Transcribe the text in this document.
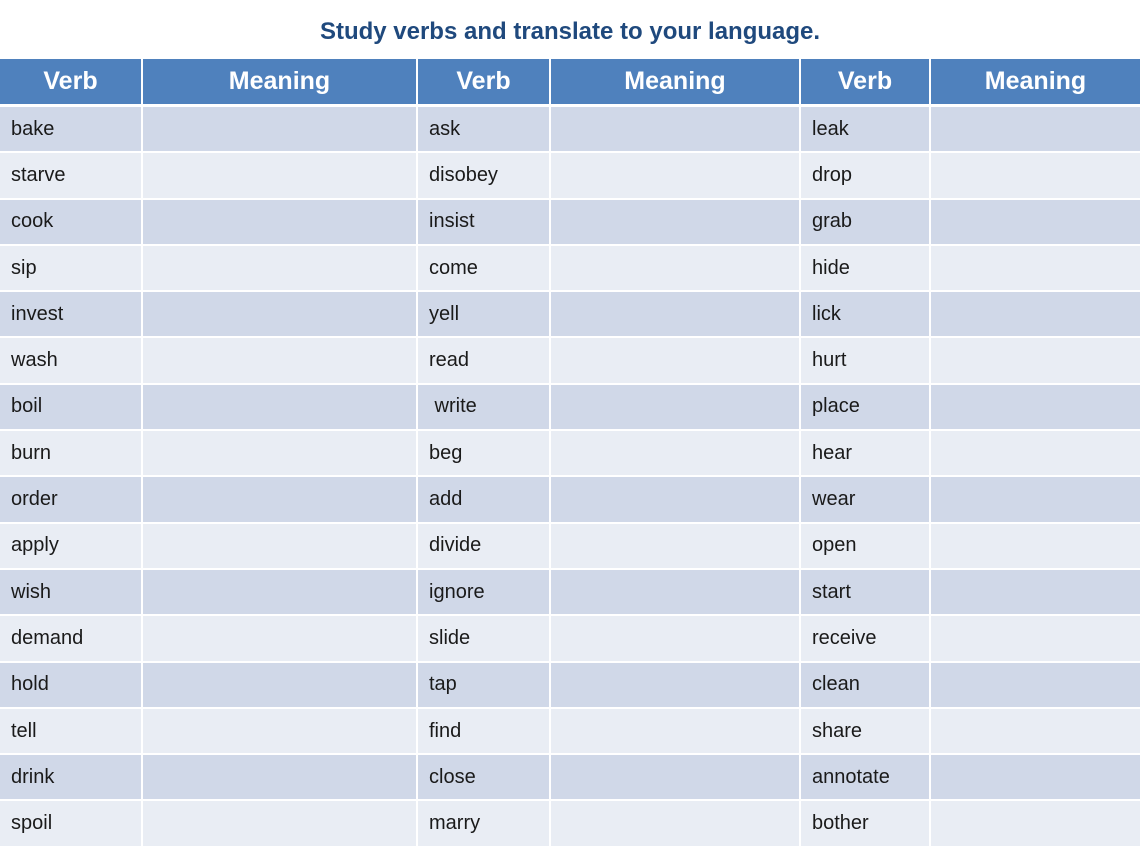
Study verbs and translate to your language.
Verb	Meaning	Verb	Meaning	Verb	Meaning
bake		ask		leak	
starve		disobey		drop	
cook		insist		grab	
sip		come		hide	
invest		yell		lick	
wash		read		hurt	
boil		write		place	
burn		beg		hear	
order		add		wear	
apply		divide		open	
wish		ignore		start	
demand		slide		receive	
hold		tap		clean	
tell		find		share	
drink		close		annotate	
spoil		marry		bother	
